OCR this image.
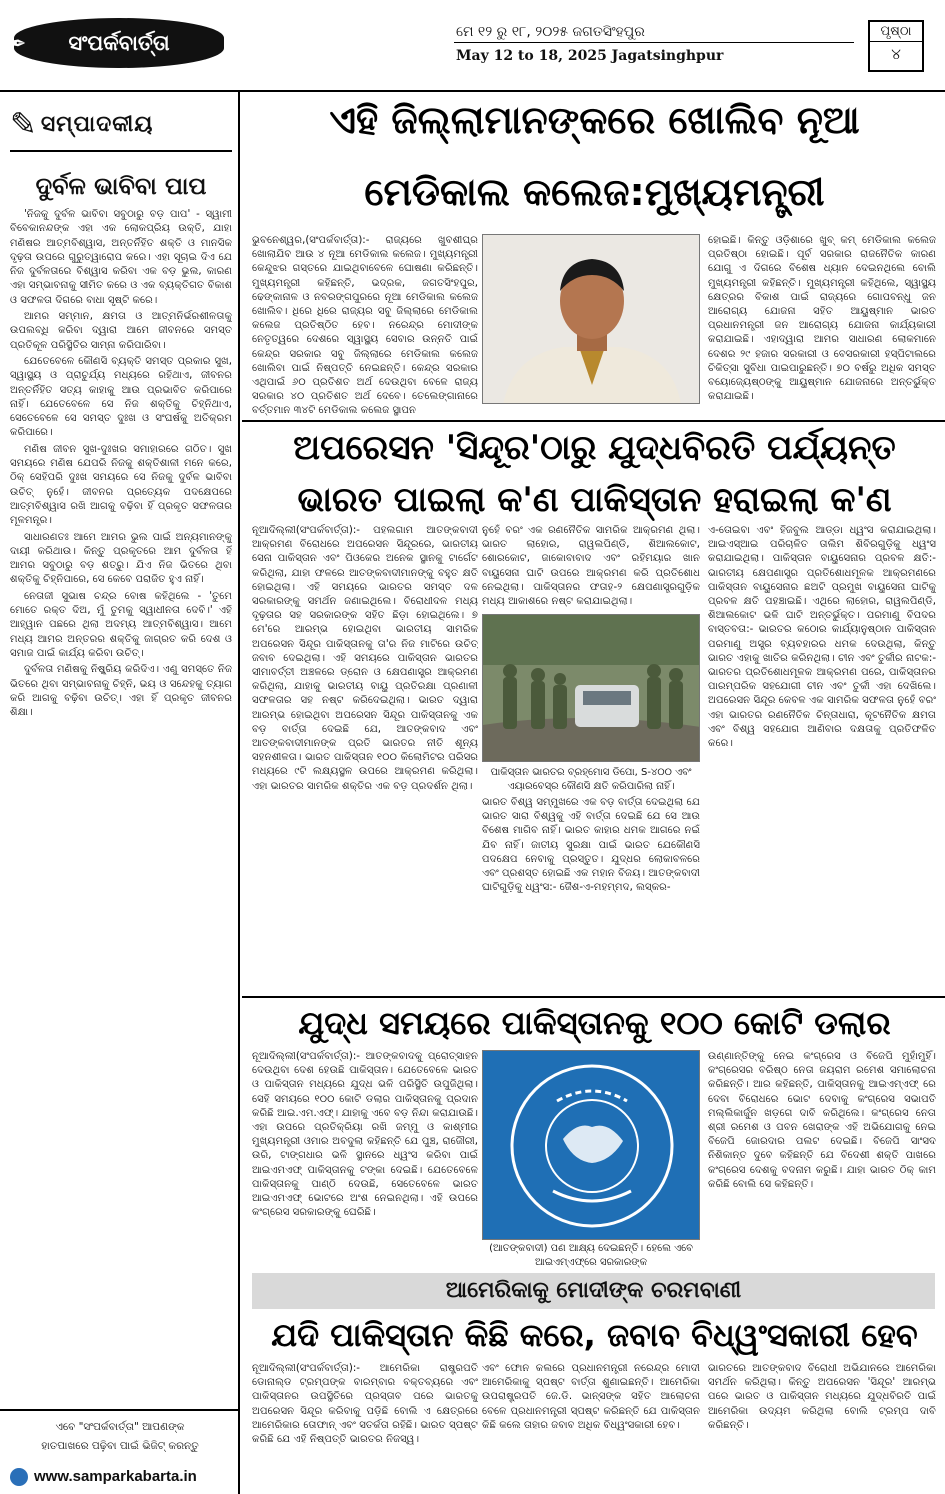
✒ ସଂପର୍କବାର୍ତ୍ତା	ମେ ୧୨ ରୁ ୧୮, ୨୦୨୫ ଜଗତସିଂହପୁର
May 12 to 18, 2025 Jagatsinghpur
ପୃଷ୍ଠା
୪
✎ ସମ୍ପାଦକୀୟ
ଦୁର୍ବଳ ଭାବିବା ପାପ

'ନିଜକୁ ଦୁର୍ବଳ ଭାବିବା ସବୁଠାରୁ ବଡ଼ ପାପ' - ସ୍ୱାମୀ ବିବେକାନନ୍ଦଙ୍କ ଏହା ଏକ ଲୋକପ୍ରିୟ ଉକ୍ତି, ଯାହା ମଣିଷର ଆତ୍ମବିଶ୍ୱାସ, ଅନ୍ତର୍ନିହିତ ଶକ୍ତି ଓ ମାନସିକ ଦୃଢ଼ତା ଉପରେ ଗୁରୁତ୍ୱାରୋପ କରେ। ଏହା ସୂଚାଇ ଦିଏ ଯେ ନିଜ ଦୁର୍ବଳତାରେ ବିଶ୍ୱାସ କରିବା ଏକ ବଡ଼ ଭୁଲ, କାରଣ ଏହା ସମ୍ଭାବନାକୁ ସୀମିତ କରେ ଓ ଏକ ବ୍ୟକ୍ତିଗତ ବିକାଶ ଓ ସଫଳତା ଦିଗରେ ବାଧା ସୃଷ୍ଟି କରେ।

ଆମର ସମ୍ମାନ, କ୍ଷମତା ଓ ଆତ୍ମନିର୍ଭରଶୀଳତାକୁ ଉପଲବ୍ଧି କରିବା ଦ୍ୱାରା ଆମେ ଜୀବନରେ ସମସ୍ତ ପ୍ରତିକୂଳ ପରିସ୍ଥିତିର ସାମ୍ନା କରିପାରିବା।

ଯେତେବେଳେ କୌଣସି ବ୍ୟକ୍ତି ସମସ୍ତ ପ୍ରକାର ସୁଖ, ସ୍ୱାସ୍ଥ୍ୟ ଓ ପ୍ରାଚୁର୍ଯ୍ୟ ମଧ୍ୟରେ ରହିଥାଏ, ଜୀବନର ଅନ୍ତର୍ନିହିତ ସତ୍ୟ କାହାକୁ ଆଉ ପ୍ରଭାବିତ କରିପାରେ ନାହିଁ। ଯେତେବେଳେ ସେ ନିଜ ଶକ୍ତିକୁ ଚିହ୍ନିଥାଏ, ସେତେବେଳେ ସେ ସମସ୍ତ ଦୁଃଖ ଓ ସଂଘର୍ଷକୁ ଅତିକ୍ରମ କରିପାରେ।

ମଣିଷ ଜୀବନ ସୁଖ-ଦୁଃଖର ସମାହାରରେ ଗଠିତ। ସୁଖ ସମୟରେ ମଣିଷ ଯେପରି ନିଜକୁ ଶକ୍ତିଶାଳୀ ମନେ କରେ, ଠିକ୍ ସେହିପରି ଦୁଃଖ ସମୟରେ ସେ ନିଜକୁ ଦୁର୍ବଳ ଭାବିବା ଉଚିତ୍ ନୁହେଁ। ଜୀବନର ପ୍ରତ୍ୟେକ ପଦକ୍ଷେପରେ ଆତ୍ମବିଶ୍ୱାସ ରଖି ଆଗକୁ ବଢ଼ିବା ହିଁ ପ୍ରକୃତ ସଫଳତାର ମୂଳମନ୍ତ୍ର।

ସାଧାରଣତଃ ଆମେ ଆମର ଭୁଲ ପାଇଁ ଅନ୍ୟମାନଙ୍କୁ ଦାୟୀ କରିଥାଉ। କିନ୍ତୁ ପ୍ରକୃତରେ ଆମ ଦୁର୍ବଳତା ହିଁ ଆମର ସବୁଠାରୁ ବଡ଼ ଶତ୍ରୁ। ଯିଏ ନିଜ ଭିତରେ ଥିବା ଶକ୍ତିକୁ ଚିହ୍ନିପାରେ, ସେ କେବେ ପରାଜିତ ହୁଏ ନାହିଁ।

ନେତାଜୀ ସୁଭାଷ ଚନ୍ଦ୍ର ବୋଷ କହିଥିଲେ - 'ତୁମେ ମୋତେ ରକ୍ତ ଦିଅ, ମୁଁ ତୁମକୁ ସ୍ୱାଧୀନତା ଦେବି।' ଏହି ଆହ୍ୱାନ ପଛରେ ଥିଲା ଅଦମ୍ୟ ଆତ୍ମବିଶ୍ୱାସ। ଆମେ ମଧ୍ୟ ଆମର ଅନ୍ତରର ଶକ୍ତିକୁ ଜାଗ୍ରତ କରି ଦେଶ ଓ ସମାଜ ପାଇଁ କାର୍ଯ୍ୟ କରିବା ଉଚିତ୍।

ଦୁର୍ବଳତା ମଣିଷକୁ ନିଷ୍କ୍ରିୟ କରିଦିଏ। ଏଣୁ ସମସ୍ତେ ନିଜ ଭିତରେ ଥିବା ସମ୍ଭାବନାକୁ ଚିହ୍ନି, ଭୟ ଓ ସନ୍ଦେହକୁ ତ୍ୟାଗ କରି ଆଗକୁ ବଢ଼ିବା ଉଚିତ୍। ଏହା ହିଁ ପ୍ରକୃତ ଜୀବନର ଶିକ୍ଷା।

ଏବେ "ସଂପର୍କବାର୍ତ୍ତା" ଆପଣଙ୍କ
ହାତପାଖରେ ପଢ଼ିବା ପାଇଁ ଭିଜିଟ୍ କରନ୍ତୁ
www.samparkabarta.in
ଏହି ଜିଲ୍ଲାମାନଙ୍କରେ ଖୋଲିବ ନୂଆ
ମେଡିକାଲ କଲେଜ:ମୁଖ୍ୟମନ୍ତ୍ରୀ
ଭୁବନେଶ୍ୱର,(ସଂପର୍କବାର୍ତ୍ତା):- ରାଜ୍ୟରେ ଖୁବଶୀଘ୍ର ଖୋଲାଯିବ ଆଉ ୪ ନୂଆ ମେଡିକାଲ କଲେଜ। ମୁଖ୍ୟମନ୍ତ୍ରୀ କେନ୍ଦୁଝର ଗସ୍ତରେ ଯାଇଥିବାବେଳେ ଘୋଷଣା କରିଛନ୍ତି। ମୁଖ୍ୟମନ୍ତ୍ରୀ କହିଛନ୍ତି, ଭଦ୍ରକ, ଜଗତସିଂହପୁର, ଢେଙ୍କାନାଳ ଓ ନବରଙ୍ଗପୁରରେ ନୂଆ ମେଡିକାଲ କଲେଜ ଖୋଲିବ। ଧିରେ ଧିରେ ରାଜ୍ୟର ସବୁ ଜିଲ୍ଲାରେ ମେଡିକାଲ କଲେଜ ପ୍ରତିଷ୍ଠିତ ହେବ। ନରେନ୍ଦ୍ର ମୋଦୀଙ୍କ ନେତୃତ୍ୱରେ ଦେଶରେ ସ୍ୱାସ୍ଥ୍ୟ ସେବାର ଉନ୍ନତି ପାଇଁ କେନ୍ଦ୍ର ସରକାର ସବୁ ଜିଲ୍ଲାରେ ମେଡିକାଲ କଲେଜ ଖୋଲିବା ପାଇଁ ନିଷ୍ପତ୍ତି ନେଇଛନ୍ତି। କେନ୍ଦ୍ର ସରକାର ଏଥିପାଇଁ ୬୦ ପ୍ରତିଶତ ଅର୍ଥ ଦେଉଥିବା ବେଳେ ରାଜ୍ୟ ସରକାର ୪୦ ପ୍ରତିଶତ ଅର୍ଥ ଦେବେ। ତେଲେଙ୍ଗାନାରେ ବର୍ତ୍ତମାନ ୩୪ଟି ମେଡିକାଲ କଲେଜ ସ୍ଥାପନ
ହୋଇଛି। କିନ୍ତୁ ଓଡ଼ିଶାରେ ଖୁବ୍ କମ୍ ମେଡିକାଲ କଲେଜ ପ୍ରତିଷ୍ଠା ହୋଇଛି। ପୂର୍ବ ସରକାର ରାଜନୈତିକ କାରଣ ଯୋଗୁ ଏ ଦିଗରେ ବିଶେଷ ଧ୍ୟାନ ଦେଇନଥିଲେ ବୋଲି ମୁଖ୍ୟମନ୍ତ୍ରୀ କହିଛନ୍ତି। ମୁଖ୍ୟମନ୍ତ୍ରୀ କହିଥିଲେ, ସ୍ୱାସ୍ଥ୍ୟ କ୍ଷେତ୍ରର ବିକାଶ ପାଇଁ ରାଜ୍ୟରେ ଗୋପବନ୍ଧୁ ଜନ ଆରୋଗ୍ୟ ଯୋଜନା ସହିତ ଆୟୁଷ୍ମାନ ଭାରତ ପ୍ରଧାନମନ୍ତ୍ରୀ ଜନ ଆରୋଗ୍ୟ ଯୋଜନା କାର୍ଯ୍ୟକାରୀ କରାଯାଇଛି। ଏହାଦ୍ୱାରା ଆମର ସାଧାରଣ ଲୋକମାନେ ଦେଶର ୨୯ ହଜାର ସରକାରୀ ଓ ବେସରକାରୀ ହସ୍ପିଟାଲରେ ଚିକିତ୍ସା ସୁବିଧା ପାଇପାରୁଛନ୍ତି। ୭୦ ବର୍ଷରୁ ଅଧିକ ସମସ୍ତ ବୟୋଜ୍ୟେଷ୍ଠଙ୍କୁ ଆୟୁଷ୍ମାନ ଯୋଜନାରେ ଅନ୍ତର୍ଭୁକ୍ତ କରାଯାଇଛି।
ଅପରେସନ 'ସିନ୍ଦୂର'ଠାରୁ ଯୁଦ୍ଧବିରତି ପର୍ଯ୍ୟନ୍ତ
ଭାରତ ପାଇଲା କ'ଣ ପାକିସ୍ତାନ ହରାଇଲା କ'ଣ
ନୂଆଦିଲ୍ଲୀ(ସଂପର୍କବାର୍ତ୍ତା):- ପହଲଗାମ ଆତଙ୍କବାଦୀ ଆକ୍ରମଣ ବିରୋଧରେ ଅପରେସନ ସିନ୍ଦୂରରେ, ଭାରତୀୟ ସେନା ପାକିସ୍ତାନ ଏବଂ ପିଓକେର ଅନେକ ସ୍ଥାନକୁ ଟାର୍ଗେଟ କରିଥିଲା, ଯାହା ଫଳରେ ଆତଙ୍କବାଦୀମାନଙ୍କୁ ବହୁତ କ୍ଷତି ହୋଇଥିଲା। ଏହି ସମୟରେ ଭାରତର ସମସ୍ତ ଦଳ ସରକାରଙ୍କୁ ସମର୍ଥନ ଜଣାଇଥିଲେ। ବିରୋଧୀଦଳ ମଧ୍ୟ ଦୃଢ଼ତାର ସହ ସରକାରଙ୍କ ସହିତ ଛିଡ଼ା ହୋଇଥିଲେ। ୭ ମେ'ରେ ଆରମ୍ଭ ହୋଇଥିବା ଭାରତୀୟ ସାମରିକ ଅପରେସନ ସିନ୍ଦୂର ପାକିସ୍ତାନକୁ ତା'ର ନିଜ ମାଟିରେ ଉଚିତ୍ ଜବାବ ଦେଇଥିଲା। ଏହି ସମୟରେ ପାକିସ୍ତାନ ଭାରତର ସୀମାବର୍ତ୍ତୀ ଅଞ୍ଚଳରେ ଡ୍ରୋନ ଓ କ୍ଷେପଣାସ୍ତ୍ର ଆକ୍ରମଣ କରିଥିଲା, ଯାହାକୁ ଭାରତୀୟ ବାୟୁ ପ୍ରତିରକ୍ଷା ପ୍ରଣାଳୀ ସଫଳତାର ସହ ନଷ୍ଟ କରିଦେଇଥିଲା। ଭାରତ ଦ୍ୱାରା ଆରମ୍ଭ ହୋଇଥିବା ଅପରେସନ ସିନ୍ଦୂର ପାକିସ୍ତାନକୁ ଏକ ବଡ଼ ବାର୍ତ୍ତା ଦେଇଛି ଯେ, ଆତଙ୍କବାଦ ଏବଂ ଆତଙ୍କବାଦୀମାନଙ୍କ ପ୍ରତି ଭାରତର ନୀତି ଶୂନ୍ୟ ସହନଶୀଳତା। ଭାରତ ପାକିସ୍ତାନ ୧୦୦ କିଲୋମିଟର ପରିସର ମଧ୍ୟରେ ୯ଟି ଲକ୍ଷ୍ୟସ୍ଥଳ ଉପରେ ଆକ୍ରମଣ କରିଥିଲା। ଏହା ଭାରତର ସାମରିକ ଶକ୍ତିର ଏକ ବଡ଼ ପ୍ରଦର୍ଶନ ଥିଲା।
ନୁହେଁ ବରଂ ଏକ ରଣନୈତିକ ସାମରିକ ଆକ୍ରମଣ ଥିଲା। ଭାରତ ଲାହୋର, ରାୱଲପିଣ୍ଡି, ଶିଆଲକୋଟ, ଶୋରକୋଟ, ଜାକୋବାବାଦ ଏବଂ ରହିମୟାର ଖାନ ବାୟୁସେନା ଘାଟି ଉପରେ ଆକ୍ରମଣ କରି ପ୍ରତିଶୋଧ ନେଇଥିଲା। ପାକିସ୍ତାନର ଫତାହ-୨ କ୍ଷେପଣାସ୍ତ୍ରଗୁଡ଼ିକ ମଧ୍ୟ ଆକାଶରେ ନଷ୍ଟ କରାଯାଇଥିଲା।
ପାକିସ୍ତାନ ଭାରତର ବ୍ରହ୍ମୋସ ଡିପୋ, S-୪୦୦ ଏବଂ ଏୟାରବେସ୍‌ର କୌଣସି କ୍ଷତି କରିପାରିଲା ନାହିଁ।
ଭାରତ ବିଶ୍ୱ ସମ୍ମୁଖରେ ଏକ ବଡ଼ ବାର୍ତ୍ତା ଦେଇଥିଲା ଯେ ଭାରତ ସାରା ବିଶ୍ୱକୁ ଏହି ବାର୍ତ୍ତା ଦେଇଛି ଯେ ସେ ଆଉ ବିଶେଷ ମାଗିବ ନାହିଁ। ଭାରତ କାହାର ଧମକ ଆଗରେ ନଇଁ ଯିବ ନାହିଁ। ଜାତୀୟ ସୁରକ୍ଷା ପାଇଁ ଭାରତ ଯେକୌଣସି ପଦକ୍ଷେପ ନେବାକୁ ପ୍ରସ୍ତୁତ। ଯୁଦ୍ଧର ଲୋକାବଳରେ ଏବଂ ପ୍ରଶସ୍ତ ହୋଇଛି ଏକ ମହାନ ବିଜୟ। ଆତଙ୍କବାଦୀ ଘାଟିଗୁଡ଼ିକୁ ଧ୍ୱଂସ:- ଜୈଶ-ଏ-ମହମ୍ମଦ, ଲସ୍କର-
ଏ-ତୋଇବା ଏବଂ ହିଜବୁଲ ଆଡ୍ଡା ଧ୍ୱଂସ କରାଯାଇଥିଲା। ଆଇଏସ୍‌ଆଇ ପରିଚାଳିତ ତାଲିମ ଶିବିରଗୁଡ଼ିକୁ ଧ୍ୱଂସ କରାଯାଇଥିଲା। ପାକିସ୍ତାନ ବାୟୁସେନାର ପ୍ରବଳ କ୍ଷତି:- ଭାରତୀୟ କ୍ଷେପଣାସ୍ତ୍ର ପ୍ରତିଶୋଧମୂଳକ ଆକ୍ରମଣରେ ପାକିସ୍ତାନ ବାୟୁସେନାର ଛଅଟି ପ୍ରମୁଖ ବାୟୁସେନା ଘାଟିକୁ ପ୍ରବଳ କ୍ଷତି ପହଞ୍ଚାଇଛି। ଏଥିରେ ଲାହୋର, ରାୱଲପିଣ୍ଡି, ଶିଆଲକୋଟ ଭଳି ଘାଟି ଅନ୍ତର୍ଭୁକ୍ତ। ପରମାଣୁ ବିପଦର ବାସ୍ତବତା:- ଭାରତର କଠୋର କାର୍ଯ୍ୟାନୁଷ୍ଠାନ ପାକିସ୍ତାନ ପରମାଣୁ ଅସ୍ତ୍ର ବ୍ୟବହାରର ଧମକ ଦେଉଥିଲା, କିନ୍ତୁ ଭାରତ ଏହାକୁ ଖାତିର କରିନଥିଲା। ଚୀନ ଏବଂ ତୁର୍କୀର ନାଟକ:- ଭାରତର ପ୍ରତିଶୋଧମୂଳକ ଆକ୍ରମଣ ପରେ, ପାକିସ୍ତାନର ପାରମ୍ପରିକ ସହଯୋଗୀ ଚୀନ ଏବଂ ତୁର୍କୀ ଏହା ଦେଖିଲେ। ଅପରେସନ ସିନ୍ଦୂର କେବଳ ଏକ ସାମରିକ ସଫଳତା ନୁହେଁ ବରଂ ଏହା ଭାରତର ରଣନୈତିକ ଚିନ୍ତାଧାରା, କୂଟନୈତିକ କ୍ଷମତା ଏବଂ ବିଶ୍ୱ ସହଯୋଗ ଆଣିବାର ଦକ୍ଷତାକୁ ପ୍ରତିଫଳିତ କରେ।
ଯୁଦ୍ଧ ସମୟରେ ପାକିସ୍ତାନକୁ ୧୦୦ କୋଟି ଡଲାର
ନୂଆଦିଲ୍ଲୀ(ସଂପର୍କବାର୍ତ୍ତା):- ଆତଙ୍କବାଦକୁ ପ୍ରୋତ୍ସାହନ ଦେଉଥିବା ଦେଶ ହେଉଛି ପାକିସ୍ତାନ। ଯେତେବେଳେ ଭାରତ ଓ ପାକିସ୍ତାନ ମଧ୍ୟରେ ଯୁଦ୍ଧ ଭଳି ପରିସ୍ଥିତି ଉପୁଜିଥିଲା। ସେହି ସମୟରେ ୧୦୦ କୋଟି ଡଲାର ପାକିସ୍ତାନକୁ ପ୍ରଦାନ କରିଛି ଆଇ.ଏମ.ଏଫ୍। ଯାହାକୁ ଏବେ ବଡ଼ ନିନ୍ଦା କରାଯାଉଛି। ଏହା ଉପରେ ପ୍ରତିକ୍ରିୟା ରଖି ଜମ୍ମୁ ଓ କାଶ୍ମୀର ମୁଖ୍ୟମନ୍ତ୍ରୀ ଓମାର ଅବଦୁଲା କହିଛନ୍ତି ଯେ ପୁଞ୍ଚ, ରାଜୌରୀ, ଉରି, ଟାଙ୍ଗଧାର ଭଳି ସ୍ଥାନରେ ଧ୍ୱଂସ କରିବା ପାଇଁ ଆଇଏମଏଫ୍ ପାକିସ୍ତାନକୁ ଟଙ୍କା ଦେଇଛି। ଯେତେବେଳେ ପାକିସ୍ତାନକୁ ପାଣ୍ଠି ଦେଉଛି, ସେତେବେଳେ ଭାରତ ଆଇଏମଏଫ୍ ଭୋଟରେ ଅଂଶ ନେଇନଥିଲା। ଏହି ଉପରେ କଂଗ୍ରେସ ସରକାରଙ୍କୁ ଘେରିଛି।
(ଆତଙ୍କବାଦୀ) ପଣ ଆକ୍ଷ୍ୟ ଦେଇଛନ୍ତି। ହେଲେ ଏବେ ଆଇଏମ୍‌ଏଫ୍‌ରେ ସରକାରଙ୍କ
ଉଣ୍ଣାନ୍ତିଙ୍କୁ ନେଇ କଂଗ୍ରେସ ଓ ବିଜେପି ମୁହାଁମୁହିଁ। କଂଗ୍ରେସର ବରିଷ୍ଠ ନେତା ଜୟରାମ ରମେଶ ସମାଲୋଚନା କରିଛନ୍ତି। ଆର କହିଛନ୍ତି, ପାକିସ୍ତାନକୁ ଆଇଏମ୍‌ଏଫ୍ ରେ ଦେବା ବିରୋଧରେ ଭୋଟ ଦେବାକୁ କଂଗ୍ରେସ ସଭାପତି ମଲ୍ଲିକାର୍ଜୁନ ଖଡ଼ଗେ ଦାବି କରିଥିଲେ। କଂଗ୍ରେସ ନେତା ଶ୍ରୀ ରମେଶ ଓ ପବନ ଖେରାଙ୍କ ଏହି ଅଭିଯୋଗକୁ ନେଇ ବିଜେପି ଜୋରଦାର ପଲଟ ଦେଇଛି। ବିଜେପି ସାଂସଦ ନିଶିକାନ୍ତ ଦୁବେ କହିଛନ୍ତି ଯେ ବିଦେଶୀ ଶକ୍ତି ପାଖରେ କଂଗ୍ରେସ ଦେଶକୁ ବଦନାମ କରୁଛି। ଯାହା ଭାରତ ଠିକ୍ କାମ କରିଛି ବୋଲି ସେ କହିଛନ୍ତି।
ଆମେରିକାକୁ ମୋଦୀଙ୍କ ଚରମବାଣୀ
ଯଦି ପାକିସ୍ତାନ କିଛି କରେ, ଜବାବ ବିଧ୍ୱଂସକାରୀ ହେବ
ନୂଆଦିଲ୍ଲୀ(ସଂପର୍କବାର୍ତ୍ତା):- ଆମେରିକା ରାଷ୍ଟ୍ରପତି ଡୋନାଲ୍ଡ ଟ୍ରମ୍ପଙ୍କ ବାରମ୍ବାର ବକ୍ତବ୍ୟରେ ଏବଂ ପାକିସ୍ତାନର ଉପସ୍ଥିତିରେ ପ୍ରସ୍ତାବ ପରେ ଭାରତକୁ ଅପରେସନ ସିନ୍ଦୂର କରିବାକୁ ପଡ଼ିଛି ବୋଲି ଏ କ୍ଷେତ୍ରରେ ଆମେରିକାର ତୋଫାନ୍ ଏବଂ ସତର୍କତା ରହିଛି। ଭାରତ ସ୍ପଷ୍ଟ କରିଛି ଯେ ଏହି ନିଷ୍ପତ୍ତି ଭାରତର ନିଜସ୍ୱ।
ଏବଂ ଫୋନ କଲରେ ପ୍ରଧାନମନ୍ତ୍ରୀ ନରେନ୍ଦ୍ର ମୋଦୀ ଆମେରିକାକୁ ସ୍ପଷ୍ଟ ବାର୍ତ୍ତା ଶୁଣାଇଛନ୍ତି। ଆମେରିକା ଉପରାଷ୍ଟ୍ରପତି ଜେ.ଡି. ଭାନ୍ସଙ୍କ ସହିତ ଆଲୋଚନା ବେଳେ ପ୍ରଧାନମନ୍ତ୍ରୀ ସ୍ପଷ୍ଟ କରିଛନ୍ତି ଯେ ପାକିସ୍ତାନ କିଛି କଲେ ତାହାର ଜବାବ ଅଧିକ ବିଧ୍ୱଂସକାରୀ ହେବ।
ଭାରତରେ ଆତଙ୍କବାଦ ବିରୋଧୀ ଅଭିଯାନରେ ଆମେରିକା ସମର୍ଥନ କରିଥିଲା। କିନ୍ତୁ ଅପରେସନ 'ସିନ୍ଦୂର' ଆରମ୍ଭ ପରେ ଭାରତ ଓ ପାକିସ୍ତାନ ମଧ୍ୟରେ ଯୁଦ୍ଧବିରତି ପାଇଁ ଆମେରିକା ଉଦ୍ୟମ କରିଥିଲା ବୋଲି ଟ୍ରମ୍ପ ଦାବି କରିଛନ୍ତି।
